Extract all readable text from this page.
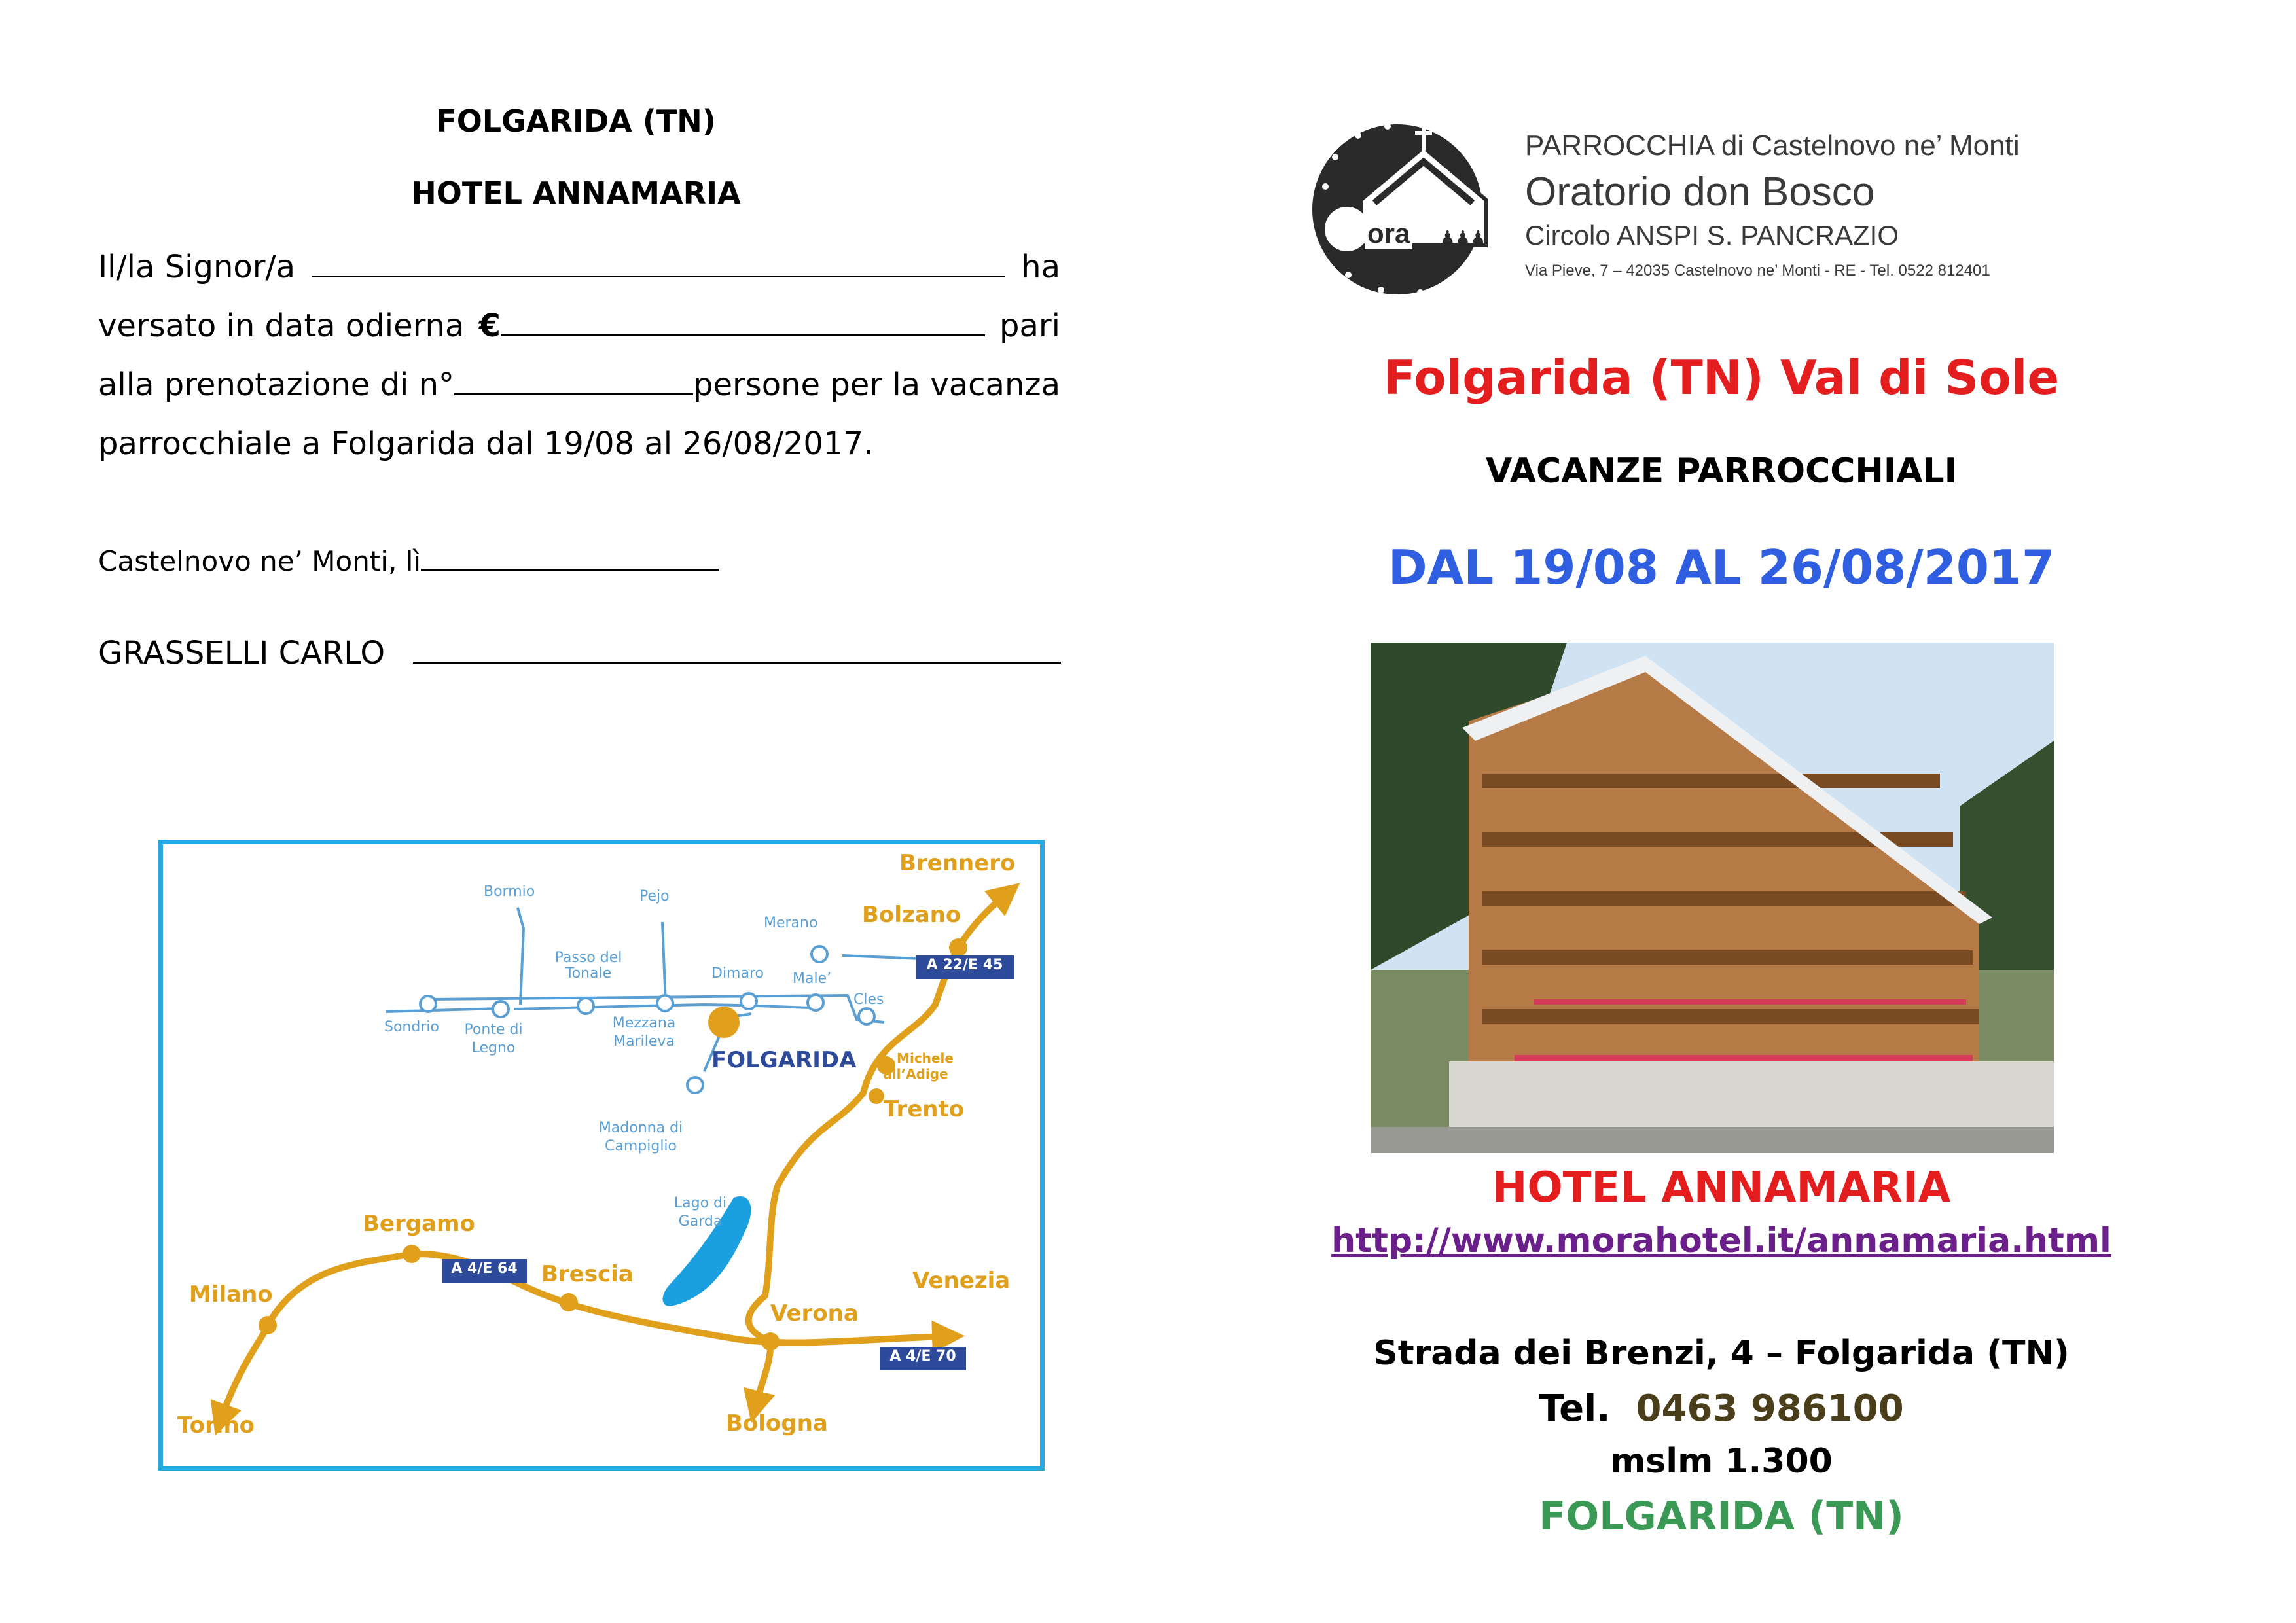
FOLGARIDA (TN)
HOTEL ANNAMARIA
Il/la Signor/a	ha
versato in data odierna €	pari
alla prenotazione di n°	persone per la vacanza
parrocchiale a Folgarida dal 19/08 al 26/08/2017.
Castelnovo ne’ Monti, lì
GRASSELLI CARLO
Brennero
Bolzano
Trento
Bergamo
Milano
Brescia
Verona
Venezia
Torino	Bologna
Bormio	Pejo
Merano
Passo del Tonale	Dimaro Male’
Cles
Sondrio	Ponte di Legno
Mezzana Marileva
Madonna di Campiglio
Lago di Garda
S. Michele all’Adige
FOLGARIDA
A 22/E 45
A 4/E 64
A 4/E 70
ora ♟♟♟
PARROCCHIA di Castelnovo ne’ Monti
Oratorio don Bosco
Circolo ANSPI S. PANCRAZIO
Via Pieve, 7 – 42035 Castelnovo ne’ Monti - RE - Tel. 0522 812401
Folgarida (TN) Val di Sole
VACANZE PARROCCHIALI
DAL 19/08 AL 26/08/2017
HOTEL ANNAMARIA
http://www.morahotel.it/annamaria.html
Strada dei Brenzi, 4 – Folgarida (TN)
Tel. 0463 986100
mslm 1.300
FOLGARIDA (TN)
